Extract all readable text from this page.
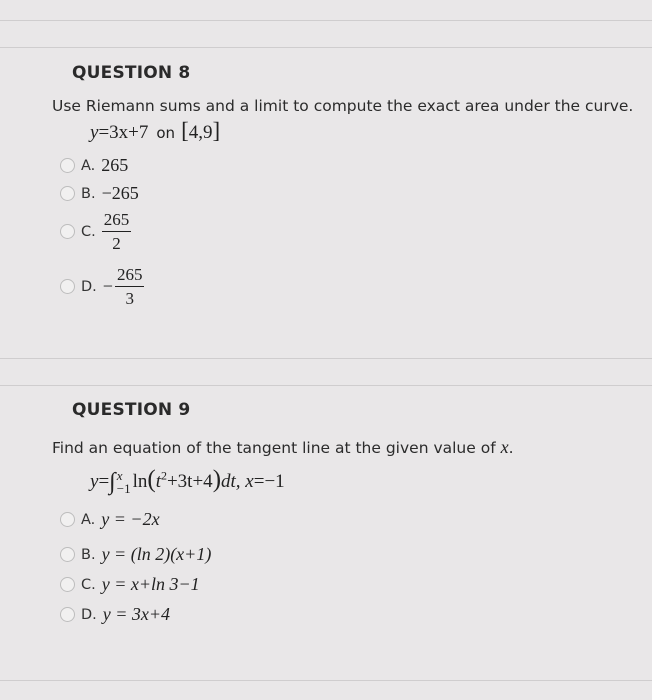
QUESTION 8
Use Riemann sums and a limit to compute the exact area under the curve.
y=3x+7 on [4,9]
A. 265
B. −265
C. $\frac{265}{2}$
D. − $\frac{265}{3}$
QUESTION 9
Find an equation of the tangent line at the given value of x.
y=∫ x
−1 $\ln(t^2+3t+4)dt$, x=−1
A. y = −2x
B. y = (ln 2)(x+1)
C. y = x+ln 3−1
D. y = 3x+4
